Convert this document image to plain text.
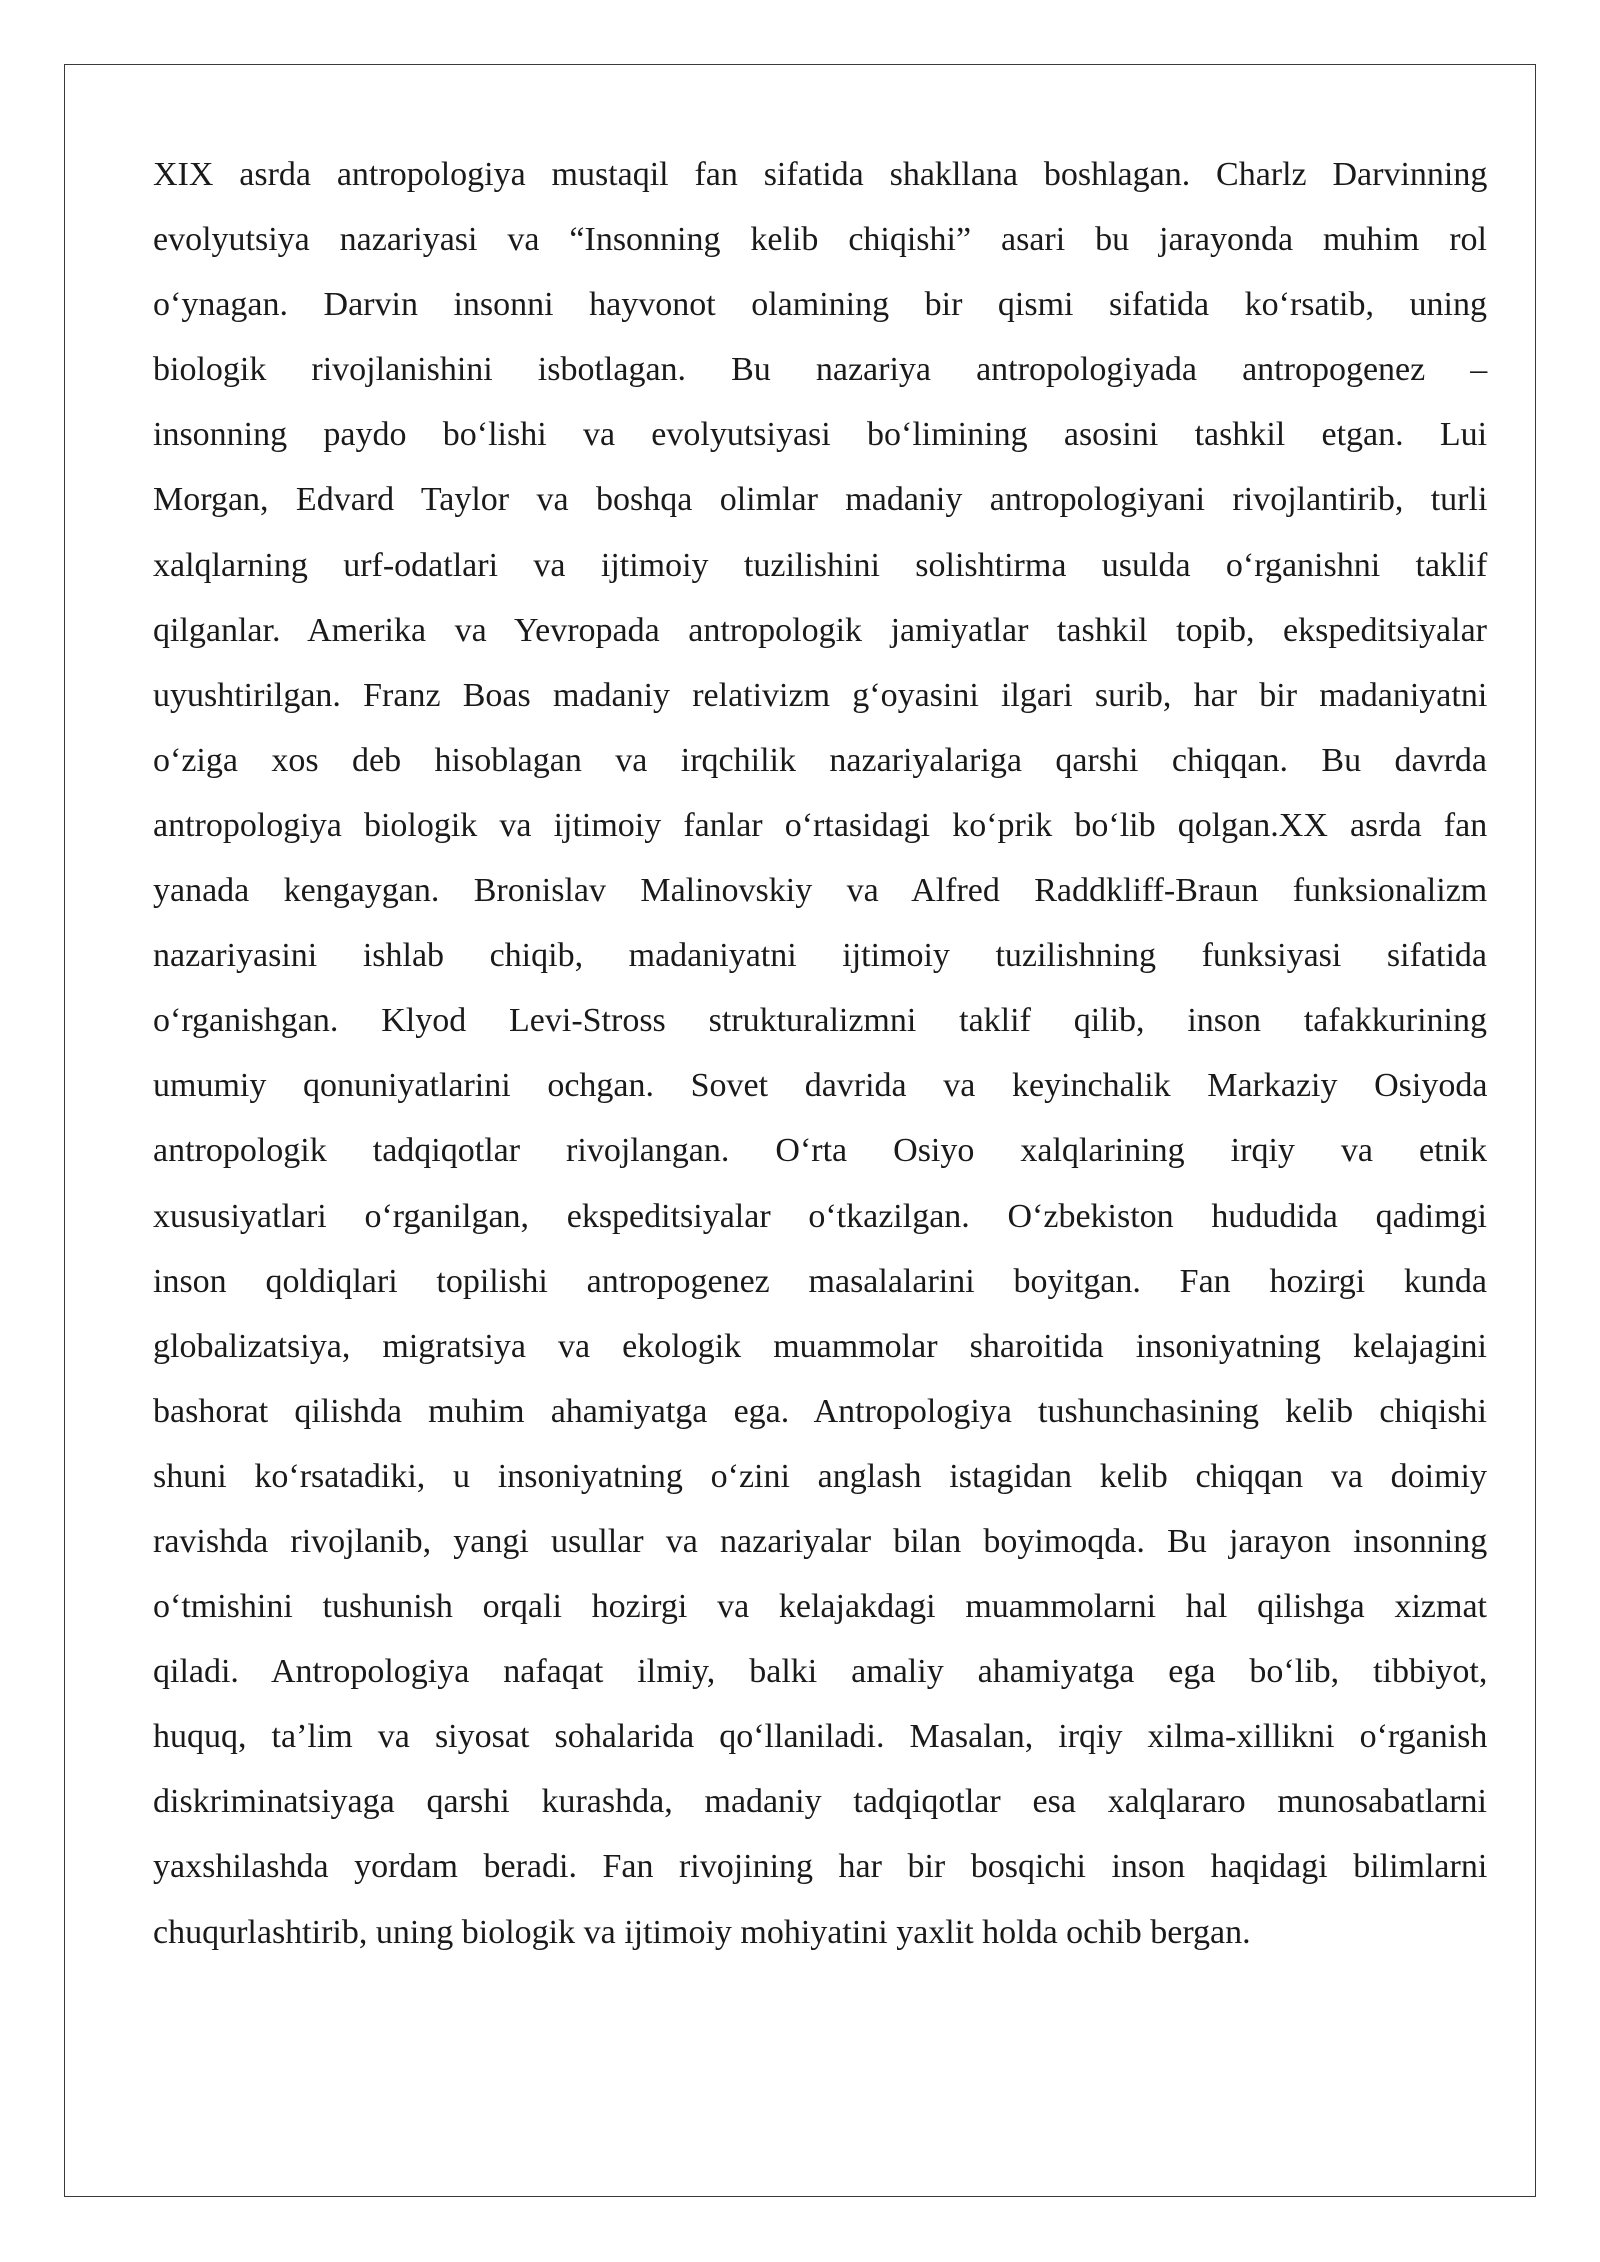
XIX asrda antropologiya mustaqil fan sifatida shakllana boshlagan. Charlz Darvinning
evolyutsiya nazariyasi va “Insonning kelib chiqishi” asari bu jarayonda muhim rol
o‘ynagan. Darvin insonni hayvonot olamining bir qismi sifatida ko‘rsatib, uning
biologik rivojlanishini isbotlagan. Bu nazariya antropologiyada antropogenez –
insonning paydo bo‘lishi va evolyutsiyasi bo‘limining asosini tashkil etgan. Lui
Morgan, Edvard Taylor va boshqa olimlar madaniy antropologiyani rivojlantirib, turli
xalqlarning urf-odatlari va ijtimoiy tuzilishini solishtirma usulda o‘rganishni taklif
qilganlar. Amerika va Yevropada antropologik jamiyatlar tashkil topib, ekspeditsiyalar
uyushtirilgan. Franz Boas madaniy relativizm g‘oyasini ilgari surib, har bir madaniyatni
o‘ziga xos deb hisoblagan va irqchilik nazariyalariga qarshi chiqqan. Bu davrda
antropologiya biologik va ijtimoiy fanlar o‘rtasidagi ko‘prik bo‘lib qolgan.XX asrda fan
yanada kengaygan. Bronislav Malinovskiy va Alfred Raddkliff-Braun funksionalizm
nazariyasini ishlab chiqib, madaniyatni ijtimoiy tuzilishning funksiyasi sifatida
o‘rganishgan. Klyod Levi-Stross strukturalizmni taklif qilib, inson tafakkurining
umumiy qonuniyatlarini ochgan. Sovet davrida va keyinchalik Markaziy Osiyoda
antropologik tadqiqotlar rivojlangan. O‘rta Osiyo xalqlarining irqiy va etnik
xususiyatlari o‘rganilgan, ekspeditsiyalar o‘tkazilgan. O‘zbekiston hududida qadimgi
inson qoldiqlari topilishi antropogenez masalalarini boyitgan. Fan hozirgi kunda
globalizatsiya, migratsiya va ekologik muammolar sharoitida insoniyatning kelajagini
bashorat qilishda muhim ahamiyatga ega. Antropologiya tushunchasining kelib chiqishi
shuni ko‘rsatadiki, u insoniyatning o‘zini anglash istagidan kelib chiqqan va doimiy
ravishda rivojlanib, yangi usullar va nazariyalar bilan boyimoqda. Bu jarayon insonning
o‘tmishini tushunish orqali hozirgi va kelajakdagi muammolarni hal qilishga xizmat
qiladi. Antropologiya nafaqat ilmiy, balki amaliy ahamiyatga ega bo‘lib, tibbiyot,
huquq, ta’lim va siyosat sohalarida qo‘llaniladi. Masalan, irqiy xilma-xillikni o‘rganish
diskriminatsiyaga qarshi kurashda, madaniy tadqiqotlar esa xalqlararo munosabatlarni
yaxshilashda yordam beradi. Fan rivojining har bir bosqichi inson haqidagi bilimlarni
chuqurlashtirib, uning biologik va ijtimoiy mohiyatini yaxlit holda ochib bergan.
